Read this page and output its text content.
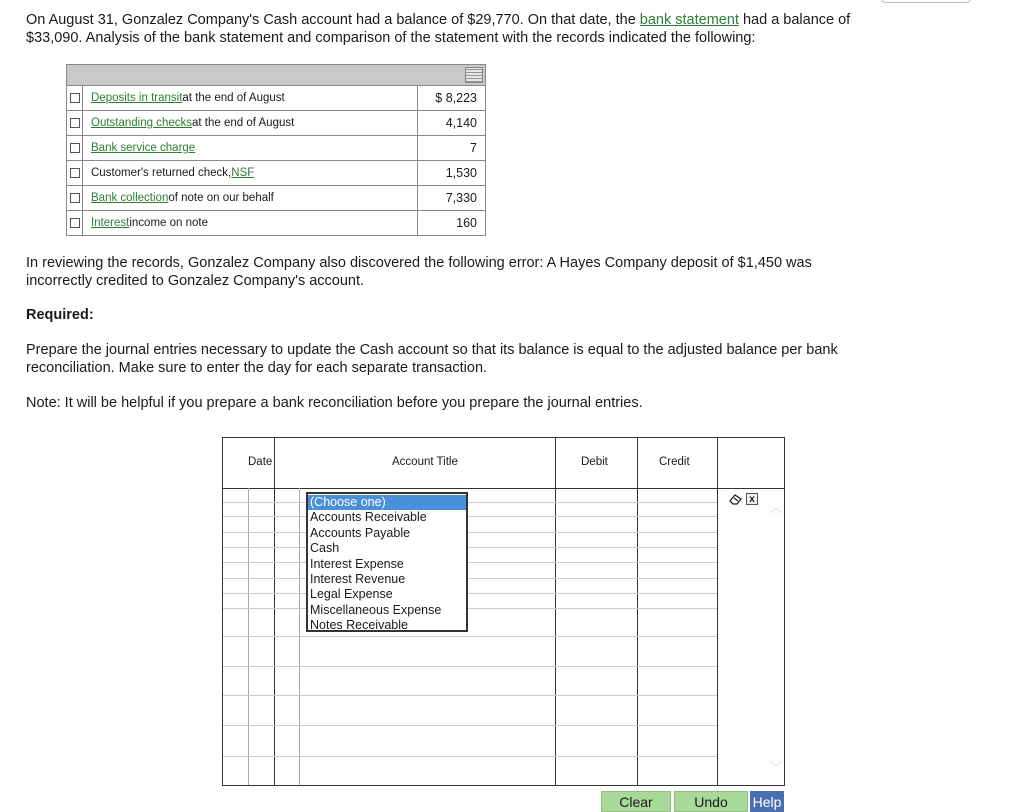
On August 31, Gonzalez Company's Cash account had a balance of $29,770. On that date, the bank statement had a balance of
$33,090. Analysis of the bank statement and comparison of the statement with the records indicated the following:

Deposits in transit at the end of August	$ 8,223
Outstanding checks at the end of August	4,140
Bank service charge	7
Customer's returned check, NSF	1,530
Bank collection of note on our behalf	7,330
Interest income on note	160

In reviewing the records, Gonzalez Company also discovered the following error: A Hayes Company deposit of $1,450 was
incorrectly credited to Gonzalez Company's account.

Required:

Prepare the journal entries necessary to update the Cash account so that its balance is equal to the adjusted balance per bank
reconciliation. Make sure to enter the day for each separate transaction.

Note: It will be helpful if you prepare a bank reconciliation before you prepare the journal entries.

Date	Account Title	Debit	Credit
(Choose one)
Accounts Receivable
Accounts Payable
Cash
Interest Expense
Interest Revenue
Legal Expense
Miscellaneous Expense
Notes Receivable
x
︿
﹀
Clear	Undo	Help
